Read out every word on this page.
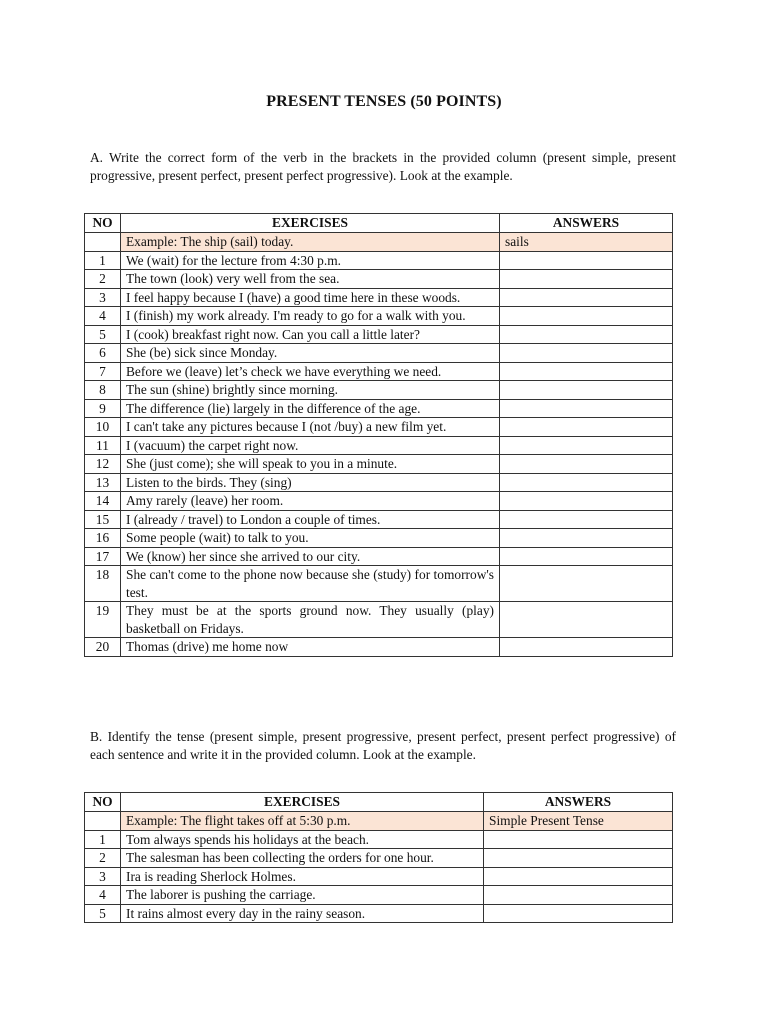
PRESENT TENSES (50 POINTS)

A. Write the correct form of the verb in the brackets in the provided column (present simple, present progressive, present perfect, present perfect progressive). Look at the example.

NO	EXERCISES	ANSWERS
	Example: The ship (sail) today.	sails
1	We (wait) for the lecture from 4:30 p.m.	
2	The town (look) very well from the sea.	
3	I feel happy because I (have) a good time here in these woods.	
4	I (finish) my work already. I'm ready to go for a walk with you.	
5	I (cook) breakfast right now. Can you call a little later?	
6	She (be) sick since Monday.	
7	Before we (leave) let’s check we have everything we need.	
8	The sun (shine) brightly since morning.	
9	The difference (lie) largely in the difference of the age.	
10	I can't take any pictures because I (not /buy) a new film yet.	
11	I (vacuum) the carpet right now.	
12	She (just come); she will speak to you in a minute.	
13	Listen to the birds. They (sing)	
14	Amy rarely (leave) her room.	
15	I (already / travel) to London a couple of times.	
16	Some people (wait) to talk to you.	
17	We (know) her since she arrived to our city.	
18	She can't come to the phone now because she (study) for tomorrow's test.	
19	They must be at the sports ground now. They usually (play) basketball on Fridays.	
20	Thomas (drive) me home now	

B. Identify the tense (present simple, present progressive, present perfect, present perfect progressive) of each sentence and write it in the provided column. Look at the example.

NO	EXERCISES	ANSWERS
	Example: The flight takes off at 5:30 p.m.	Simple Present Tense
1	Tom always spends his holidays at the beach.	
2	The salesman has been collecting the orders for one hour.	
3	Ira is reading Sherlock Holmes.	
4	The laborer is pushing the carriage.	
5	It rains almost every day in the rainy season.	
